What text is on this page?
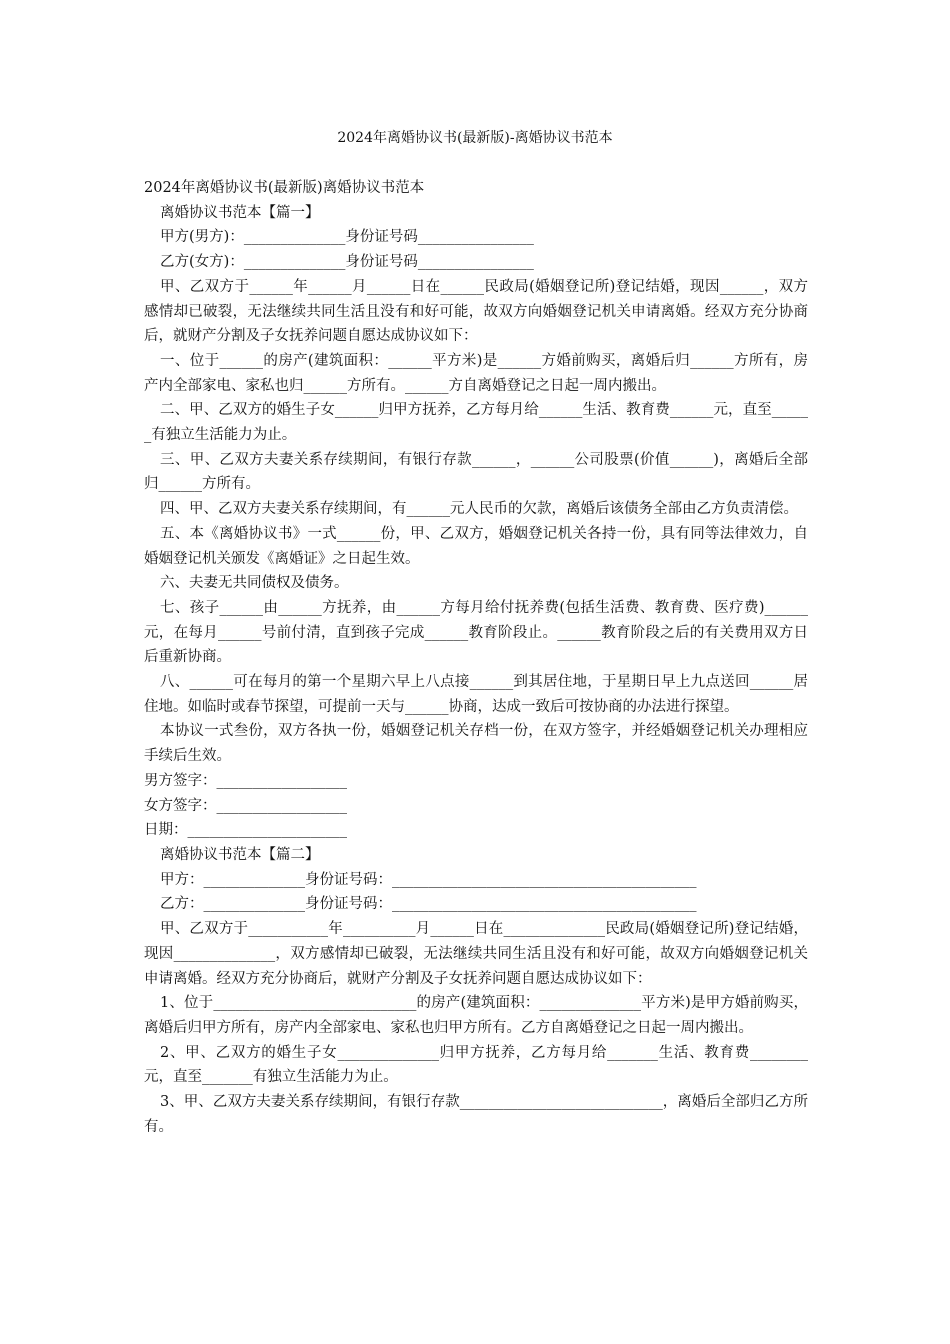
2024年离婚协议书(最新版)-离婚协议书范本

2024年离婚协议书(最新版)离婚协议书范本

离婚协议书范本【篇一】

甲方(男方)：______________身份证号码________________

乙方(女方)：______________身份证号码________________

甲、乙双方于______年______月______日在______民政局(婚姻登记所)登记结婚，现因______，双方感情却已破裂，无法继续共同生活且没有和好可能，故双方向婚姻登记机关申请离婚。经双方充分协商后，就财产分割及子女抚养问题自愿达成协议如下：

一、位于______的房产(建筑面积：______平方米)是______方婚前购买，离婚后归______方所有，房产内全部家电、家私也归______方所有。______方自离婚登记之日起一周内搬出。

二、甲、乙双方的婚生子女______归甲方抚养，乙方每月给______生活、教育费______元，直至______有独立生活能力为止。

三、甲、乙双方夫妻关系存续期间，有银行存款______，______公司股票(价值______)，离婚后全部归______方所有。

四、甲、乙双方夫妻关系存续期间，有______元人民币的欠款，离婚后该债务全部由乙方负责清偿。

五、本《离婚协议书》一式______份，甲、乙双方，婚姻登记机关各持一份，具有同等法律效力，自婚姻登记机关颁发《离婚证》之日起生效。

六、夫妻无共同债权及债务。

七、孩子______由______方抚养，由______方每月给付抚养费(包括生活费、教育费、医疗费)______元，在每月______号前付清，直到孩子完成______教育阶段止。______教育阶段之后的有关费用双方日后重新协商。

八、______可在每月的第一个星期六早上八点接______到其居住地，于星期日早上九点送回______居住地。如临时或春节探望，可提前一天与______协商，达成一致后可按协商的办法进行探望。

本协议一式叁份，双方各执一份，婚姻登记机关存档一份，在双方签字，并经婚姻登记机关办理相应手续后生效。

男方签字：__________________

女方签字：__________________

日期：______________________

离婚协议书范本【篇二】

甲方：______________身份证号码：__________________________________________

乙方：______________身份证号码：__________________________________________

甲、乙双方于___________年__________月______日在______________民政局(婚姻登记所)登记结婚，现因______________，双方感情却已破裂，无法继续共同生活且没有和好可能，故双方向婚姻登记机关申请离婚。经双方充分协商后，就财产分割及子女抚养问题自愿达成协议如下：

1、位于____________________________的房产(建筑面积：______________平方米)是甲方婚前购买，离婚后归甲方所有，房产内全部家电、家私也归甲方所有。乙方自离婚登记之日起一周内搬出。

2、甲、乙双方的婚生子女______________归甲方抚养，乙方每月给_______生活、教育费________元，直至_______有独立生活能力为止。

3、甲、乙双方夫妻关系存续期间，有银行存款____________________________，离婚后全部归乙方所有。
